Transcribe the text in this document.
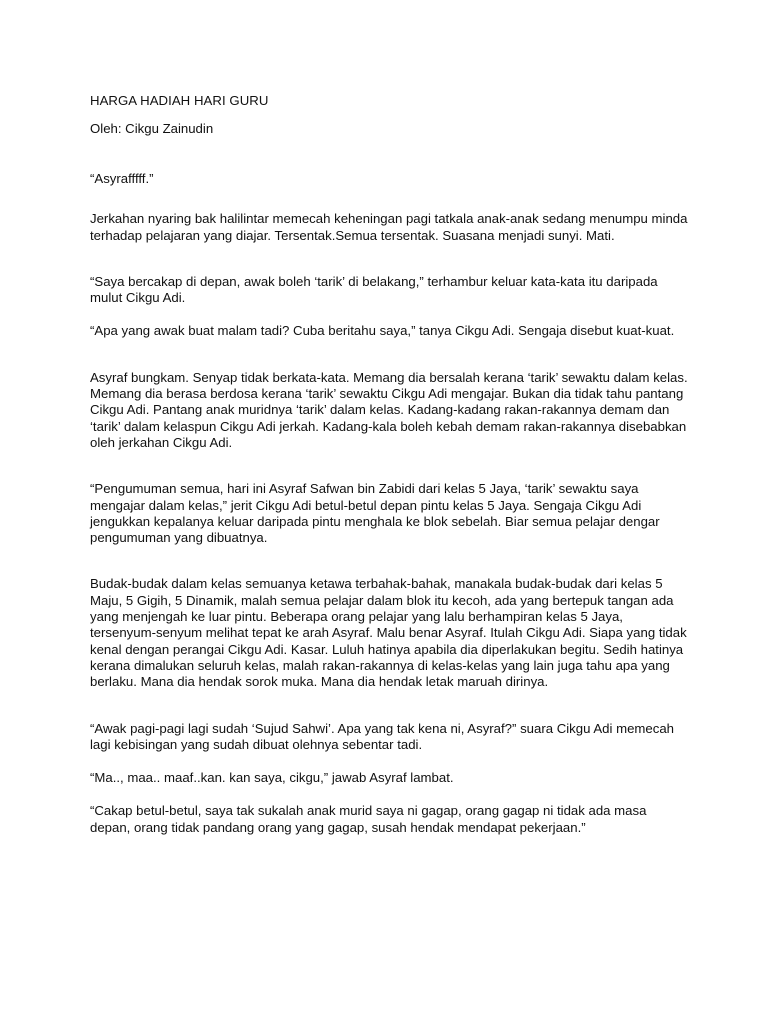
HARGA HADIAH HARI GURU
Oleh: Cikgu Zainudin

“Asyrafffff.”

Jerkahan nyaring bak halilintar memecah keheningan pagi tatkala anak-anak sedang menumpu minda terhadap pelajaran yang diajar. Tersentak.Semua tersentak. Suasana menjadi sunyi. Mati.

“Saya bercakap di depan, awak boleh ‘tarik’ di belakang,” terhambur keluar kata-kata itu daripada mulut Cikgu Adi.

“Apa yang awak buat malam tadi? Cuba beritahu saya,” tanya Cikgu Adi. Sengaja disebut kuat-kuat.

Asyraf bungkam. Senyap tidak berkata-kata. Memang dia bersalah kerana ‘tarik’ sewaktu dalam kelas. Memang dia berasa berdosa kerana ‘tarik’ sewaktu Cikgu Adi mengajar. Bukan dia tidak tahu pantang Cikgu Adi. Pantang anak muridnya ‘tarik’ dalam kelas. Kadang-kadang rakan-rakannya demam dan ‘tarik’ dalam kelaspun Cikgu Adi jerkah. Kadang-kala boleh kebah demam rakan-rakannya disebabkan oleh jerkahan Cikgu Adi.

“Pengumuman semua, hari ini Asyraf Safwan bin Zabidi dari kelas 5 Jaya, ‘tarik’ sewaktu saya mengajar dalam kelas,” jerit Cikgu Adi betul-betul depan pintu kelas 5 Jaya. Sengaja Cikgu Adi jengukkan kepalanya keluar daripada pintu menghala ke blok sebelah. Biar semua pelajar dengar pengumuman yang dibuatnya.

Budak-budak dalam kelas semuanya ketawa terbahak-bahak, manakala budak-budak dari kelas 5 Maju, 5 Gigih, 5 Dinamik, malah semua pelajar dalam blok itu kecoh, ada yang bertepuk tangan ada yang menjengah ke luar pintu. Beberapa orang pelajar yang lalu berhampiran kelas 5 Jaya, tersenyum-senyum melihat tepat ke arah Asyraf. Malu benar Asyraf. Itulah Cikgu Adi. Siapa yang tidak kenal dengan perangai Cikgu Adi. Kasar. Luluh hatinya apabila dia diperlakukan begitu. Sedih hatinya kerana dimalukan seluruh kelas, malah rakan-rakannya di kelas-kelas yang lain juga tahu apa yang berlaku. Mana dia hendak sorok muka. Mana dia hendak letak maruah dirinya.

“Awak pagi-pagi lagi sudah ‘Sujud Sahwi’. Apa yang tak kena ni, Asyraf?” suara Cikgu Adi memecah lagi kebisingan yang sudah dibuat olehnya sebentar tadi.

“Ma.., maa.. maaf..kan. kan saya, cikgu,” jawab Asyraf lambat.

“Cakap betul-betul, saya tak sukalah anak murid saya ni gagap, orang gagap ni tidak ada masa depan, orang tidak pandang orang yang gagap, susah hendak mendapat pekerjaan.”
